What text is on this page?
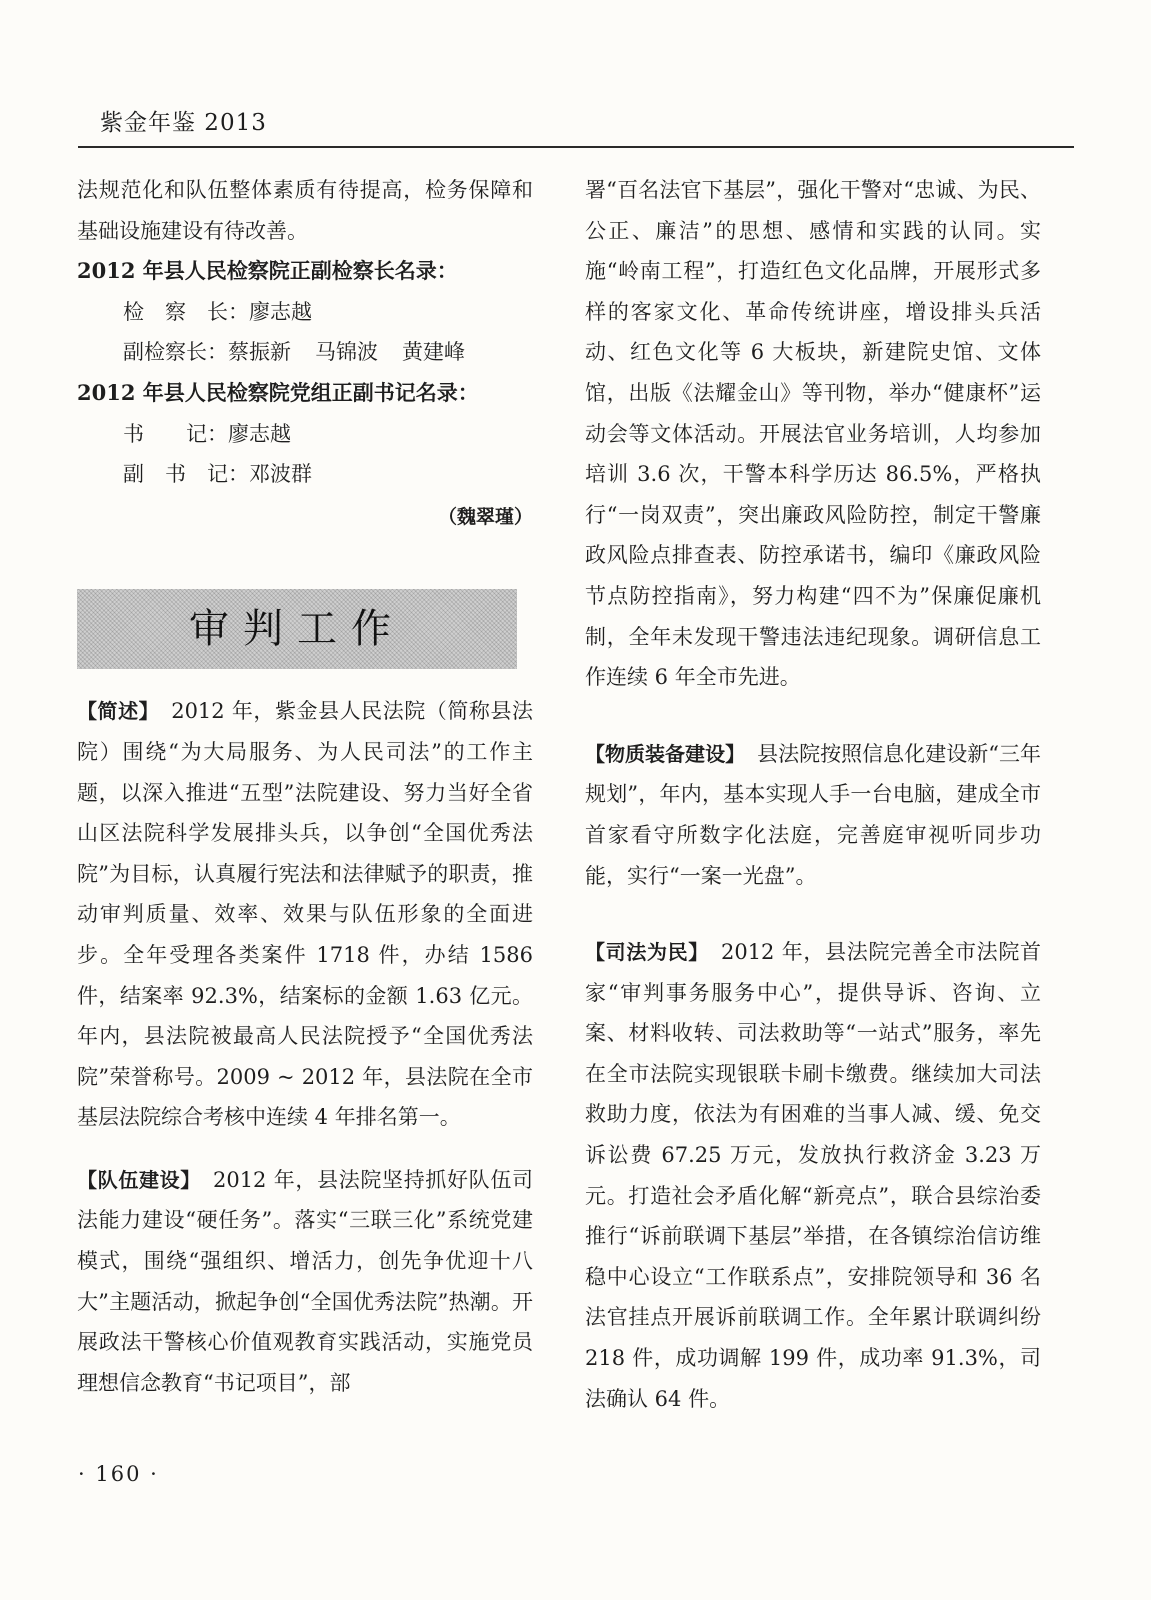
紫金年鉴 2013

法规范化和队伍整体素质有待提高，检务保障和基础设施建设有待改善。

2012 年县人民检察院正副检察长名录：

检　察　长：廖志越

副检察长：蔡振新 马锦波 黄建峰

2012 年县人民检察院党组正副书记名录：

书　　记：廖志越

副　书　记：邓波群

（魏翠瑾）

审判工作

【简述】 2012 年，紫金县人民法院（简称县法院）围绕“为大局服务、为人民司法”的工作主题，以深入推进“五型”法院建设、努力当好全省山区法院科学发展排头兵，以争创“全国优秀法院”为目标，认真履行宪法和法律赋予的职责，推动审判质量、效率、效果与队伍形象的全面进步。全年受理各类案件 1718 件，办结 1586 件，结案率 92.3%，结案标的金额 1.63 亿元。年内，县法院被最高人民法院授予“全国优秀法院”荣誉称号。2009 ~ 2012 年，县法院在全市基层法院综合考核中连续 4 年排名第一。

【队伍建设】 2012 年，县法院坚持抓好队伍司法能力建设“硬任务”。落实“三联三化”系统党建模式，围绕“强组织、增活力，创先争优迎十八大”主题活动，掀起争创“全国优秀法院”热潮。开展政法干警核心价值观教育实践活动，实施党员理想信念教育“书记项目”，部

署“百名法官下基层”，强化干警对“忠诚、为民、公正、廉洁”的思想、感情和实践的认同。实施“岭南工程”，打造红色文化品牌，开展形式多样的客家文化、革命传统讲座，增设排头兵活动、红色文化等 6 大板块，新建院史馆、文体馆，出版《法耀金山》等刊物，举办“健康杯”运动会等文体活动。开展法官业务培训，人均参加培训 3.6 次，干警本科学历达 86.5%，严格执行“一岗双责”，突出廉政风险防控，制定干警廉政风险点排查表、防控承诺书，编印《廉政风险节点防控指南》，努力构建“四不为”保廉促廉机制，全年未发现干警违法违纪现象。调研信息工作连续 6 年全市先进。

【物质装备建设】 县法院按照信息化建设新“三年规划”，年内，基本实现人手一台电脑，建成全市首家看守所数字化法庭，完善庭审视听同步功能，实行“一案一光盘”。

【司法为民】 2012 年，县法院完善全市法院首家“审判事务服务中心”，提供导诉、咨询、立案、材料收转、司法救助等“一站式”服务，率先在全市法院实现银联卡刷卡缴费。继续加大司法救助力度，依法为有困难的当事人减、缓、免交诉讼费 67.25 万元，发放执行救济金 3.23 万元。打造社会矛盾化解“新亮点”，联合县综治委推行“诉前联调下基层”举措，在各镇综治信访维稳中心设立“工作联系点”，安排院领导和 36 名法官挂点开展诉前联调工作。全年累计联调纠纷 218 件，成功调解 199 件，成功率 91.3%，司法确认 64 件。

· 160 ·
